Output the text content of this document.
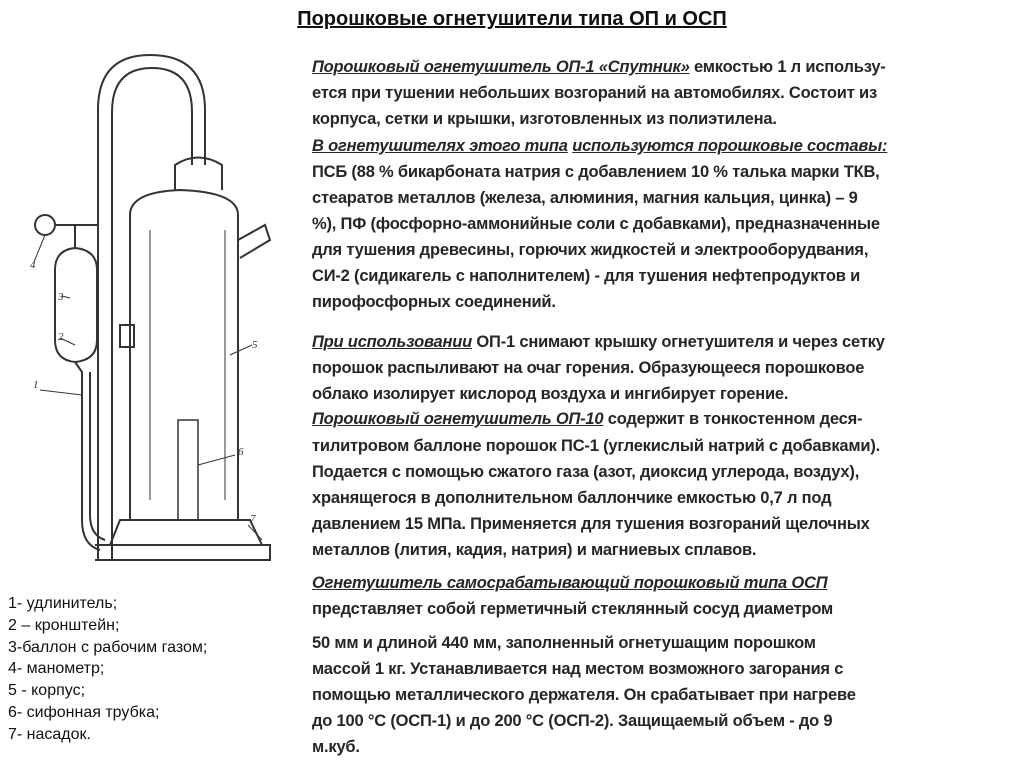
Порошковые огнетушители типа ОП и ОСП
1
2
3
4
5
6
7
Порошковый огнетушитель ОП-1 «Спутник» емкостью 1 л использу-
ется при тушении небольших возгораний на автомобилях. Состоит из
корпуса, сетки и крышки, изготовленных из полиэтилена.
В огнетушителях этого типа используются порошковые составы:
ПСБ (88 % бикарбоната натрия с добавлением 10 % талька марки ТКВ,
стеаратов металлов (железа, алюминия, магния кальция, цинка) – 9
%), ПФ (фосфорно-аммонийные соли с добавками), предназначенные
для тушения древесины, горючих жидкостей и электрооборудвания,
СИ-2 (сидикагель с наполнителем) - для тушения нефтепродуктов и
пирофосфорных соединений.
При использовании ОП-1 снимают крышку огнетушителя и через сетку
порошок распыливают на очаг горения. Образующееся порошковое
облако изолирует кислород воздуха и ингибирует горение.
Порошковый огнетушитель ОП-10 содержит в тонкостенном деся-
тилитровом баллоне порошок ПС-1 (углекислый натрий с добавками).
Подается с помощью сжатого газа (азот, диоксид углерода, воздух),
хранящегося в дополнительном баллончике емкостью 0,7 л под
давлением 15 МПа. Применяется для тушения возгораний щелочных
металлов (лития, кадия, натрия) и магниевых сплавов.
Огнетушитель самосрабатывающий порошковый типа ОСП
представляет собой герметичный стеклянный сосуд диаметром
50 мм и длиной 440 мм, заполненный огнетушащим порошком
массой 1 кг. Устанавливается над местом возможного загорания с
помощью металлического держателя. Он срабатывает при нагреве
до 100 °С (ОСП-1) и до 200 °С (ОСП-2). Защищаемый объем - до 9
м.куб.
1- удлинитель;
2 – кронштейн;
3-баллон с рабочим газом;
4- манометр;
5 - корпус;
6- сифонная трубка;
7- насадок.
